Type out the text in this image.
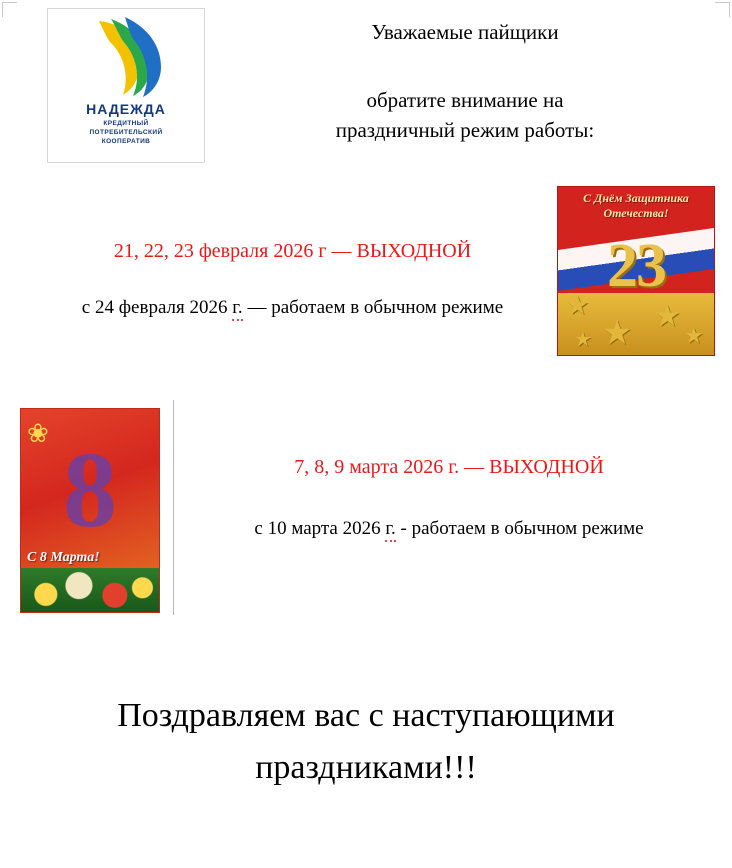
НАДЕЖДА
КРЕДИТНЫЙ
ПОТРЕБИТЕЛЬСКИЙ
КООПЕРАТИВ
Уважаемые пайщики
обратите внимание на
праздничный режим работы:
21, 22, 23 февраля 2026 г — ВЫХОДНОЙ
с 24 февраля 2026 г. — работаем в обычном режиме
С Днём Защитника
Отечества!
23
★
★ ★
★
★
8
❀
С 8 Марта!
7, 8, 9 марта 2026 г. — ВЫХОДНОЙ
с 10 марта 2026 г. - работаем в обычном режиме
Поздравляем вас с наступающими
праздниками!!!
